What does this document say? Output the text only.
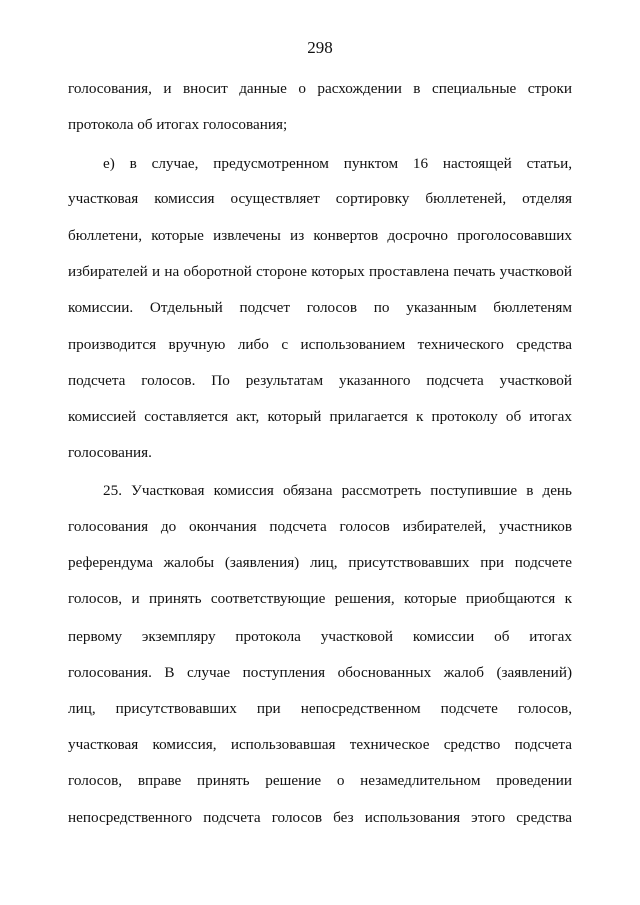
298
голосования, и вносит данные о расхождении в специальные строки
протокола об итогах голосования;
е) в случае, предусмотренном пунктом 16 настоящей статьи,
участковая комиссия осуществляет сортировку бюллетеней, отделяя
бюллетени, которые извлечены из конвертов досрочно проголосовавших
избирателей и на оборотной стороне которых проставлена печать участковой
комиссии. Отдельный подсчет голосов по указанным бюллетеням
производится вручную либо с использованием технического средства
подсчета голосов. По результатам указанного подсчета участковой
комиссией составляется акт, который прилагается к протоколу об итогах
голосования.
25. Участковая комиссия обязана рассмотреть поступившие в день
голосования до окончания подсчета голосов избирателей, участников
референдума жалобы (заявления) лиц, присутствовавших при подсчете
голосов, и принять соответствующие решения, которые приобщаются к
первому экземпляру протокола участковой комиссии об итогах
голосования. В случае поступления обоснованных жалоб (заявлений)
лиц, присутствовавших при непосредственном подсчете голосов,
участковая комиссия, использовавшая техническое средство подсчета
голосов, вправе принять решение о незамедлительном проведении
непосредственного подсчета голосов без использования этого средства
